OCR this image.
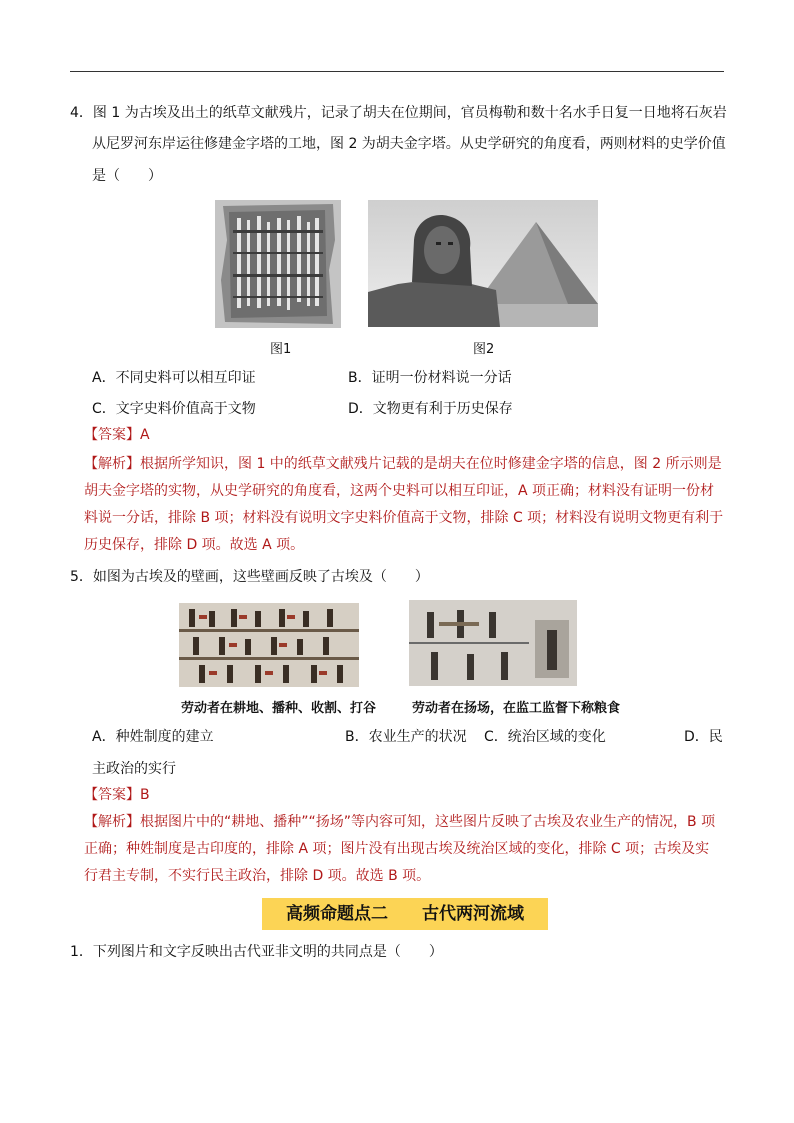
4．图 1 为古埃及出土的纸草文献残片，记录了胡夫在位期间，官员梅勒和数十名水手日复一日地将石灰岩
从尼罗河东岸运往修建金字塔的工地，图 2 为胡夫金字塔。从史学研究的角度看，两则材料的史学价值
是（　　）
图1	图2
A．不同史料可以相互印证	B．证明一份材料说一分话
C．文字史料价值高于文物	D．文物更有利于历史保存
【答案】A
【解析】根据所学知识，图 1 中的纸草文献残片记载的是胡夫在位时修建金字塔的信息，图 2 所示则是
胡夫金字塔的实物，从史学研究的角度看，这两个史料可以相互印证，A 项正确；材料没有证明一份材
料说一分话，排除 B 项；材料没有说明文字史料价值高于文物，排除 C 项；材料没有说明文物更有利于
历史保存，排除 D 项。故选 A 项。
5．如图为古埃及的壁画，这些壁画反映了古埃及（　　）
劳动者在耕地、播种、收割、打谷	劳动者在扬场，在监工监督下称粮食
A．种姓制度的建立	B．农业生产的状况 C．统治区域的变化	D．民
主政治的实行
【答案】B
【解析】根据图片中的“耕地、播种”“扬场”等内容可知，这些图片反映了古埃及农业生产的情况，B 项
正确；种姓制度是古印度的，排除 A 项；图片没有出现古埃及统治区域的变化，排除 C 项；古埃及实
行君主专制，不实行民主政治，排除 D 项。故选 B 项。
高频命题点二 古代两河流域
1．下列图片和文字反映出古代亚非文明的共同点是（　　）
